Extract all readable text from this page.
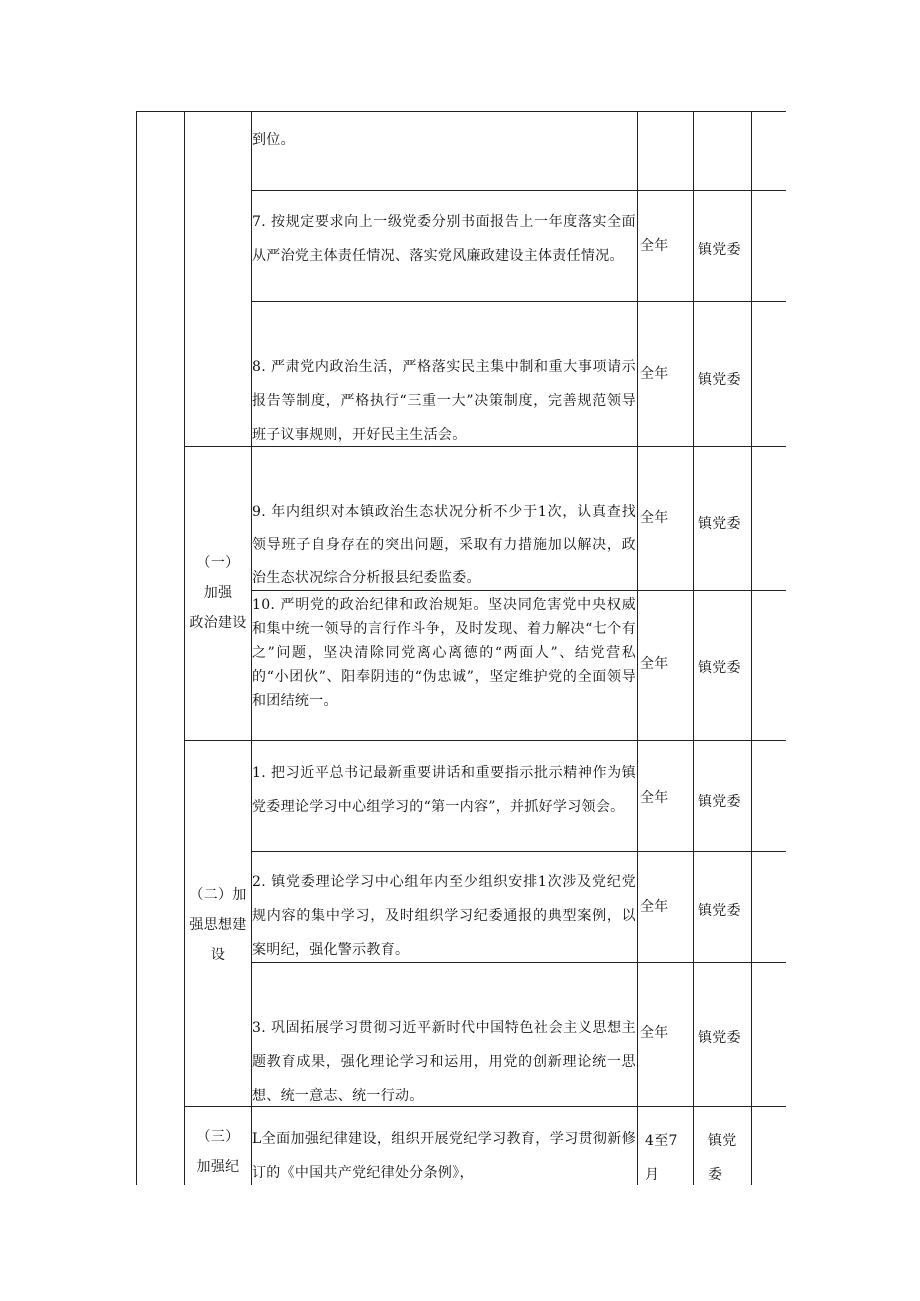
（一）
加强
政治建设
（二）加
强思想建
设
（三）
加强纪
到位。
7. 按规定要求向上一级党委分别书面报告上一年度落实全面从严治党主体责任情况、落实党风廉政建设主体责任情况。
全年 镇党委
8. 严肃党内政治生活，严格落实民主集中制和重大事项请示报告等制度，严格执行“三重一大”决策制度，完善规范领导班子议事规则，开好民主生活会。
全年 镇党委
9. 年内组织对本镇政治生态状况分析不少于1次，认真查找领导班子自身存在的突出问题，采取有力措施加以解决，政治生态状况综合分析报县纪委监委。
全年 镇党委
10. 严明党的政治纪律和政治规矩。坚决同危害党中央权威和集中统一领导的言行作斗争，及时发现、着力解决“七个有之”问题，坚决清除同党离心离德的“两面人”、结党营私的“小团伙”、阳奉阴违的“伪忠诚”，坚定维护党的全面领导和团结统一。
全年 镇党委
1. 把习近平总书记最新重要讲话和重要指示批示精神作为镇党委理论学习中心组学习的“第一内容”，并抓好学习领会。
全年 镇党委
2. 镇党委理论学习中心组年内至少组织安排1次涉及党纪党规内容的集中学习，及时组织学习纪委通报的典型案例，以案明纪，强化警示教育。
全年 镇党委
3. 巩固拓展学习贯彻习近平新时代中国特色社会主义思想主题教育成果，强化理论学习和运用，用党的创新理论统一思想、统一意志、统一行动。
全年 镇党委
L全面加强纪律建设，组织开展党纪学习教育，学习贯彻新修订的《中国共产党纪律处分条例》，
4至7月
镇党委
